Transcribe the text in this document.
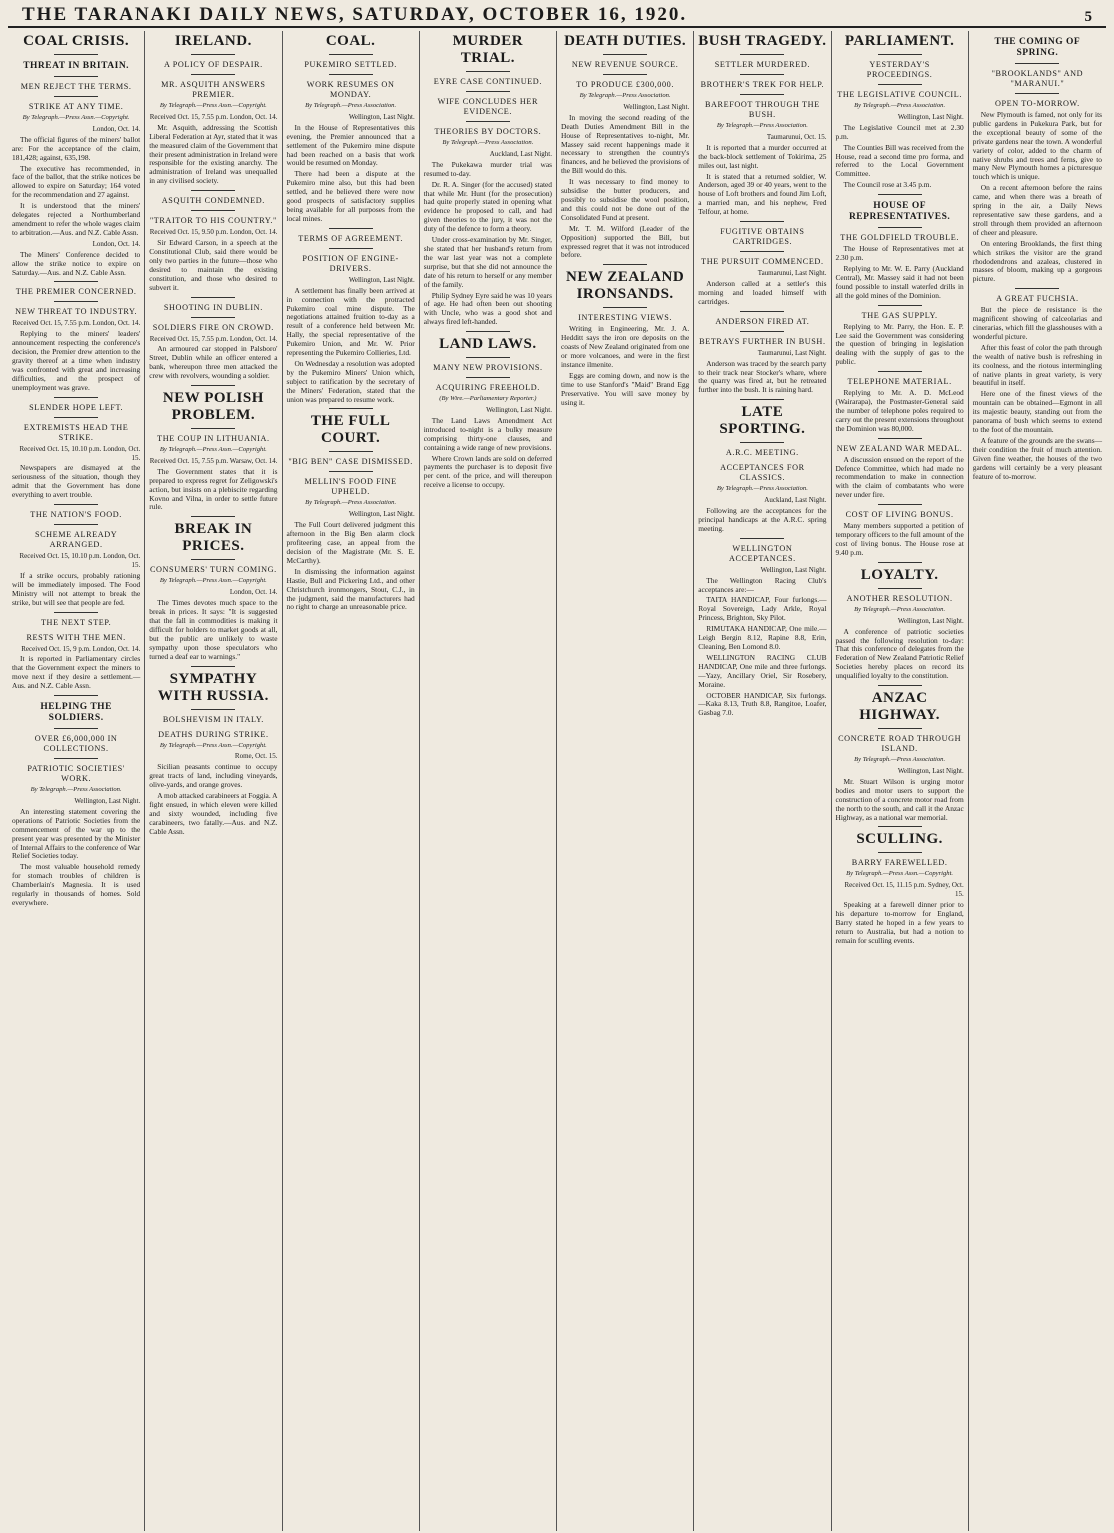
THE TARANAKI DAILY NEWS, SATURDAY, OCTOBER 16, 1920.	5
COAL CRISIS.
THREAT IN BRITAIN.
MEN REJECT THE TERMS.
STRIKE AT ANY TIME.
By Telegraph.—Press Assn.—Copyright.
London, Oct. 14.
The official figures of the miners' ballot are: For the acceptance of the claim, 181,428; against, 635,198.
The executive has recommended, in face of the ballot, that the strike notices be allowed to expire on Saturday; 164 voted for the recommendation and 27 against.
It is understood that the miners' delegates rejected a Northumberland amendment to refer the whole wages claim to arbitration.—Aus. and N.Z. Cable Assn.
London, Oct. 14.
The Miners' Conference decided to allow the strike notice to expire on Saturday.—Aus. and N.Z. Cable Assn.
THE PREMIER CONCERNED.
NEW THREAT TO INDUSTRY.
Received Oct. 15, 7.55 p.m. London, Oct. 14.
Replying to the miners' leaders' announcement respecting the conference's decision, the Premier drew attention to the gravity thereof at a time when industry was confronted with great and increasing difficulties, and the prospect of unemployment was grave.
SLENDER HOPE LEFT.
EXTREMISTS HEAD THE STRIKE.
Received Oct. 15, 10.10 p.m. London, Oct. 15.
Newspapers are dismayed at the seriousness of the situation, though they admit that the Government has done everything to avert trouble.
THE NATION'S FOOD.
SCHEME ALREADY ARRANGED.
Received Oct. 15, 10.10 p.m. London, Oct. 15.
If a strike occurs, probably rationing will be immediately imposed. The Food Ministry will not attempt to break the strike, but will see that people are fed.
THE NEXT STEP.
RESTS WITH THE MEN.
Received Oct. 15, 9 p.m. London, Oct. 14.
It is reported in Parliamentary circles that the Government expect the miners to move next if they desire a settlement.—Aus. and N.Z. Cable Assn.
HELPING THE SOLDIERS.
OVER £6,000,000 IN COLLECTIONS.
PATRIOTIC SOCIETIES' WORK.
By Telegraph.—Press Association.
Wellington, Last Night.
An interesting statement covering the operations of Patriotic Societies from the commencement of the war up to the present year was presented by the Minister of Internal Affairs to the conference of War Relief Societies today.
The most valuable household remedy for stomach troubles of children is Chamberlain's Magnesia. It is used regularly in thousands of homes. Sold everywhere.
IRELAND.
A POLICY OF DESPAIR.
MR. ASQUITH ANSWERS PREMIER.
By Telegraph.—Press Assn.—Copyright.
Received Oct. 15, 7.55 p.m. London, Oct. 14.
Mr. Asquith, addressing the Scottish Liberal Federation at Ayr, stated that it was the measured claim of the Government that their present administration in Ireland were responsible for the existing anarchy. The administration of Ireland was unequalled in any civilised society.
ASQUITH CONDEMNED.
"TRAITOR TO HIS COUNTRY."
Received Oct. 15, 9.50 p.m. London, Oct. 14.
Sir Edward Carson, in a speech at the Constitutional Club, said there would be only two parties in the future—those who desired to maintain the existing constitution, and those who desired to subvert it.
SHOOTING IN DUBLIN.
SOLDIERS FIRE ON CROWD.
Received Oct. 15, 7.55 p.m. London, Oct. 14.
An armoured car stopped in Palsboro' Street, Dublin while an officer entered a bank, whereupon three men attacked the crew with revolvers, wounding a soldier.
NEW POLISH PROBLEM.
THE COUP IN LITHUANIA.
By Telegraph.—Press Assn.—Copyright.
Received Oct. 15, 7.55 p.m. Warsaw, Oct. 14.
The Government states that it is prepared to express regret for Zeligowski's action, but insists on a plebiscite regarding Kovno and Vilna, in order to settle future rule.
BREAK IN PRICES.
CONSUMERS' TURN COMING.
By Telegraph.—Press Assn.—Copyright.
London, Oct. 14.
The Times devotes much space to the break in prices. It says: "It is suggested that the fall in commodities is making it difficult for holders to market goods at all, but the public are unlikely to waste sympathy upon those speculators who turned a deaf ear to warnings."
SYMPATHY WITH RUSSIA.
BOLSHEVISM IN ITALY.
DEATHS DURING STRIKE.
By Telegraph.—Press Assn.—Copyright.
Rome, Oct. 15.
Sicilian peasants continue to occupy great tracts of land, including vineyards, olive-yards, and orange groves.
A mob attacked carabineers at Foggia. A fight ensued, in which eleven were killed and sixty wounded, including five carabineers, two fatally.—Aus. and N.Z. Cable Assn.
COAL.
PUKEMIRO SETTLED.
WORK RESUMES ON MONDAY.
By Telegraph.—Press Association.
Wellington, Last Night.
In the House of Representatives this evening, the Premier announced that a settlement of the Pukemiro mine dispute had been reached on a basis that work would be resumed on Monday.
There had been a dispute at the Pukemiro mine also, but this had been settled, and he believed there were now good prospects of satisfactory supplies being available for all purposes from the local mines.
TERMS OF AGREEMENT.
POSITION OF ENGINE-DRIVERS.
Wellington, Last Night.
A settlement has finally been arrived at in connection with the protracted Pukemiro coal mine dispute. The negotiations attained fruition to-day as a result of a conference held between Mr. Hally, the special representative of the Pukemiro Union, and Mr. W. Prior representing the Pukemiro Collieries, Ltd.
On Wednesday a resolution was adopted by the Pukemiro Miners' Union which, subject to ratification by the secretary of the Miners' Federation, stated that the union was prepared to resume work.
THE FULL COURT.
"BIG BEN" CASE DISMISSED.
MELLIN'S FOOD FINE UPHELD.
By Telegraph.—Press Association.
Wellington, Last Night.
The Full Court delivered judgment this afternoon in the Big Ben alarm clock profiteering case, an appeal from the decision of the Magistrate (Mr. S. E. McCarthy).
In dismissing the information against Hastie, Bull and Pickering Ltd., and other Christchurch ironmongers, Stout, C.J., in the judgment, said the manufacturers had no right to charge an unreasonable price.
MURDER TRIAL.
EYRE CASE CONTINUED.
WIFE CONCLUDES HER EVIDENCE.
THEORIES BY DOCTORS.
By Telegraph.—Press Association.
Auckland, Last Night.
The Pukekawa murder trial was resumed to-day.
Dr. R. A. Singer (for the accused) stated that while Mr. Hunt (for the prosecution) had quite properly stated in opening what evidence he proposed to call, and had given theories to the jury, it was not the duty of the defence to form a theory.
Under cross-examination by Mr. Singer, she stated that her husband's return from the war last year was not a complete surprise, but that she did not announce the date of his return to herself or any member of the family.
Philip Sydney Eyre said he was 10 years of age. He had often been out shooting with Uncle, who was a good shot and always fired left-handed.
LAND LAWS.
MANY NEW PROVISIONS.
ACQUIRING FREEHOLD.
(By Wire.—Parliamentary Reporter.)
Wellington, Last Night.
The Land Laws Amendment Act introduced to-night is a bulky measure comprising thirty-one clauses, and containing a wide range of new provisions.
Where Crown lands are sold on deferred payments the purchaser is to deposit five per cent. of the price, and will thereupon receive a license to occupy.
DEATH DUTIES.
NEW REVENUE SOURCE.
TO PRODUCE £300,000.
By Telegraph.—Press Association.
Wellington, Last Night.
In moving the second reading of the Death Duties Amendment Bill in the House of Representatives to-night, Mr. Massey said recent happenings made it necessary to strengthen the country's finances, and he believed the provisions of the Bill would do this.
It was necessary to find money to subsidise the butter producers, and possibly to subsidise the wool position, and this could not be done out of the Consolidated Fund at present.
Mr. T. M. Wilford (Leader of the Opposition) supported the Bill, but expressed regret that it was not introduced before.
NEW ZEALAND IRONSANDS.
INTERESTING VIEWS.
Writing in Engineering, Mr. J. A. Hedditt says the iron ore deposits on the coasts of New Zealand originated from one or more volcanoes, and were in the first instance ilmenite.
Eggs are coming down, and now is the time to use Stanford's "Maid" Brand Egg Preservative. You will save money by using it.
BUSH TRAGEDY.
SETTLER MURDERED.
BROTHER'S TREK FOR HELP.
BAREFOOT THROUGH THE BUSH.
By Telegraph.—Press Association.
Taumarunui, Oct. 15.
It is reported that a murder occurred at the back-block settlement of Tokirima, 25 miles out, last night.
It is stated that a returned soldier, W. Anderson, aged 39 or 40 years, went to the house of Loft brothers and found Jim Loft, a married man, and his nephew, Fred Telfour, at home.
FUGITIVE OBTAINS CARTRIDGES.
THE PURSUIT COMMENCED.
Taumarunui, Last Night.
Anderson called at a settler's this morning and loaded himself with cartridges.
ANDERSON FIRED AT.
BETRAYS FURTHER IN BUSH.
Taumarunui, Last Night.
Anderson was traced by the search party to their track near Stocker's whare, where the quarry was fired at, but he retreated further into the bush. It is raining hard.
LATE SPORTING.
A.R.C. MEETING.
ACCEPTANCES FOR CLASSICS.
By Telegraph.—Press Association.
Auckland, Last Night.
Following are the acceptances for the principal handicaps at the A.R.C. spring meeting.
WELLINGTON ACCEPTANCES.
Wellington, Last Night.
The Wellington Racing Club's acceptances are:—
TAITA HANDICAP, Four furlongs.—Royal Sovereign, Lady Arkle, Royal Princess, Brighton, Sky Pilot.
RIMUTAKA HANDICAP, One mile.—Leigh Bergin 8.12, Rapine 8.8, Erin, Cleaning, Ben Lomond 8.0.
WELLINGTON RACING CLUB HANDICAP, One mile and three furlongs.—Yazy, Ancillary Oriel, Sir Rosebery, Moraine.
OCTOBER HANDICAP, Six furlongs.—Kaka 8.13, Truth 8.8, Rangitoe, Loafer, Gasbag 7.0.
PARLIAMENT.
YESTERDAY'S PROCEEDINGS.
THE LEGISLATIVE COUNCIL.
By Telegraph.—Press Association.
Wellington, Last Night.
The Legislative Council met at 2.30 p.m.
The Counties Bill was received from the House, read a second time pro forma, and referred to the Local Government Committee.
The Council rose at 3.45 p.m.
HOUSE OF REPRESENTATIVES.
THE GOLDFIELD TROUBLE.
The House of Representatives met at 2.30 p.m.
Replying to Mr. W. E. Parry (Auckland Central), Mr. Massey said it had not been found possible to install waterfed drills in all the gold mines of the Dominion.
THE GAS SUPPLY.
Replying to Mr. Parry, the Hon. E. P. Lee said the Government was considering the question of bringing in legislation dealing with the supply of gas to the public.
TELEPHONE MATERIAL.
Replying to Mr. A. D. McLeod (Wairarapa), the Postmaster-General said the number of telephone poles required to carry out the present extensions throughout the Dominion was 80,000.
NEW ZEALAND WAR MEDAL.
A discussion ensued on the report of the Defence Committee, which had made no recommendation to make in connection with the claim of combatants who were never under fire.
COST OF LIVING BONUS.
Many members supported a petition of temporary officers to the full amount of the cost of living bonus. The House rose at 9.40 p.m.
LOYALTY.
ANOTHER RESOLUTION.
By Telegraph.—Press Association.
Wellington, Last Night.
A conference of patriotic societies passed the following resolution to-day: That this conference of delegates from the Federation of New Zealand Patriotic Relief Societies hereby places on record its unqualified loyalty to the constitution.
ANZAC HIGHWAY.
CONCRETE ROAD THROUGH ISLAND.
By Telegraph.—Press Association.
Wellington, Last Night.
Mr. Stuart Wilson is urging motor bodies and motor users to support the construction of a concrete motor road from the north to the south, and call it the Anzac Highway, as a national war memorial.
SCULLING.
BARRY FAREWELLED.
By Telegraph.—Press Assn.—Copyright.
Received Oct. 15, 11.15 p.m. Sydney, Oct. 15.
Speaking at a farewell dinner prior to his departure to-morrow for England, Barry stated he hoped in a few years to return to Australia, but had a notion to remain for sculling events.
THE COMING OF SPRING.
"BROOKLANDS" AND "MARANUI."
OPEN TO-MORROW.
New Plymouth is famed, not only for its public gardens in Pukekura Park, but for the exceptional beauty of some of the private gardens near the town. A wonderful variety of color, added to the charm of native shrubs and trees and ferns, give to many New Plymouth homes a picturesque touch which is unique.
On a recent afternoon before the rains came, and when there was a breath of spring in the air, a Daily News representative saw these gardens, and a stroll through them provided an afternoon of cheer and pleasure.
On entering Brooklands, the first thing which strikes the visitor are the grand rhododendrons and azaleas, clustered in masses of bloom, making up a gorgeous picture.
A GREAT FUCHSIA.
But the piece de resistance is the magnificent showing of calceolarias and cinerarias, which fill the glasshouses with a wonderful picture.
After this feast of color the path through the wealth of native bush is refreshing in its coolness, and the riotous intermingling of native plants in great variety, is very beautiful in itself.
Here one of the finest views of the mountain can be obtained—Egmont in all its majestic beauty, standing out from the panorama of bush which seems to extend to the foot of the mountain.
A feature of the grounds are the swans—their condition the fruit of much attention. Given fine weather, the houses of the two gardens will certainly be a very pleasant feature of to-morrow.
